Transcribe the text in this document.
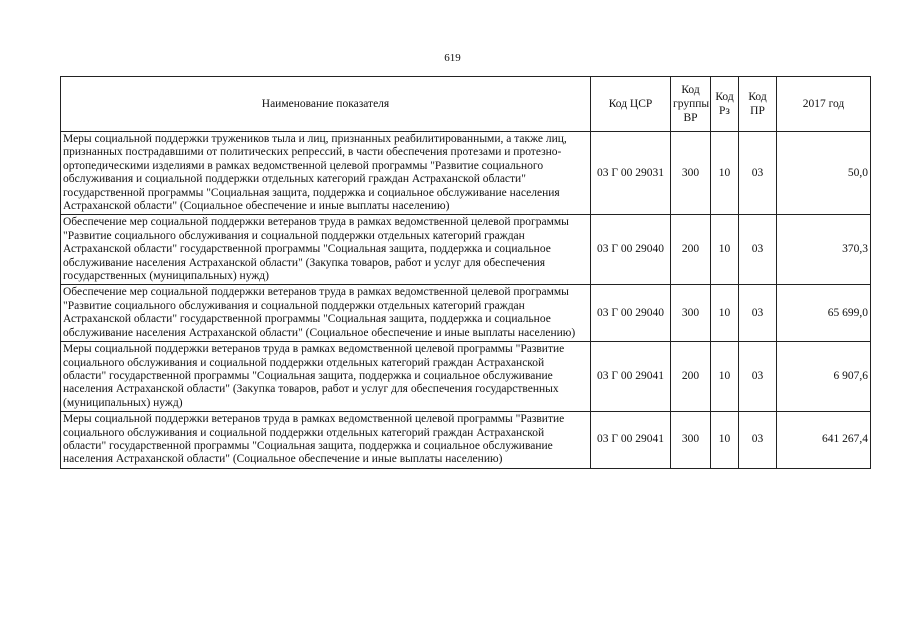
619
Наименование показателя	Код ЦСР	Код группы ВР	Код Рз	Код ПР	2017 год
Меры социальной поддержки тружеников тыла и лиц, признанных реабилитированными, а также лиц, признанных пострадавшими от политических репрессий, в части обеспечения протезами и протезно-ортопедическими изделиями в рамках ведомственной целевой программы "Развитие социального обслуживания и социальной поддержки отдельных категорий граждан Астраханской области" государственной программы "Социальная защита, поддержка и социальное обслуживание населения Астраханской области" (Социальное обеспечение и иные выплаты населению)	03 Г 00 29031	300	10	03	50,0
Обеспечение мер социальной поддержки ветеранов труда в рамках ведомственной целевой программы "Развитие социального обслуживания и социальной поддержки отдельных категорий граждан Астраханской области" государственной программы "Социальная защита, поддержка и социальное обслуживание населения Астраханской области" (Закупка товаров, работ и услуг для обеспечения государственных (муниципальных) нужд)	03 Г 00 29040	200	10	03	370,3
Обеспечение мер социальной поддержки ветеранов труда в рамках ведомственной целевой программы "Развитие социального обслуживания и социальной поддержки отдельных категорий граждан Астраханской области" государственной программы "Социальная защита, поддержка и социальное обслуживание населения Астраханской области" (Социальное обеспечение и иные выплаты населению)	03 Г 00 29040	300	10	03	65 699,0
Меры социальной поддержки ветеранов труда в рамках ведомственной целевой программы "Развитие социального обслуживания и социальной поддержки отдельных категорий граждан Астраханской области" государственной программы "Социальная защита, поддержка и социальное обслуживание населения Астраханской области" (Закупка товаров, работ и услуг для обеспечения государственных (муниципальных) нужд)	03 Г 00 29041	200	10	03	6 907,6
Меры социальной поддержки ветеранов труда в рамках ведомственной целевой программы "Развитие социального обслуживания и социальной поддержки отдельных категорий граждан Астраханской области" государственной программы "Социальная защита, поддержка и социальное обслуживание населения Астраханской области" (Социальное обеспечение и иные выплаты населению)	03 Г 00 29041	300	10	03	641 267,4
